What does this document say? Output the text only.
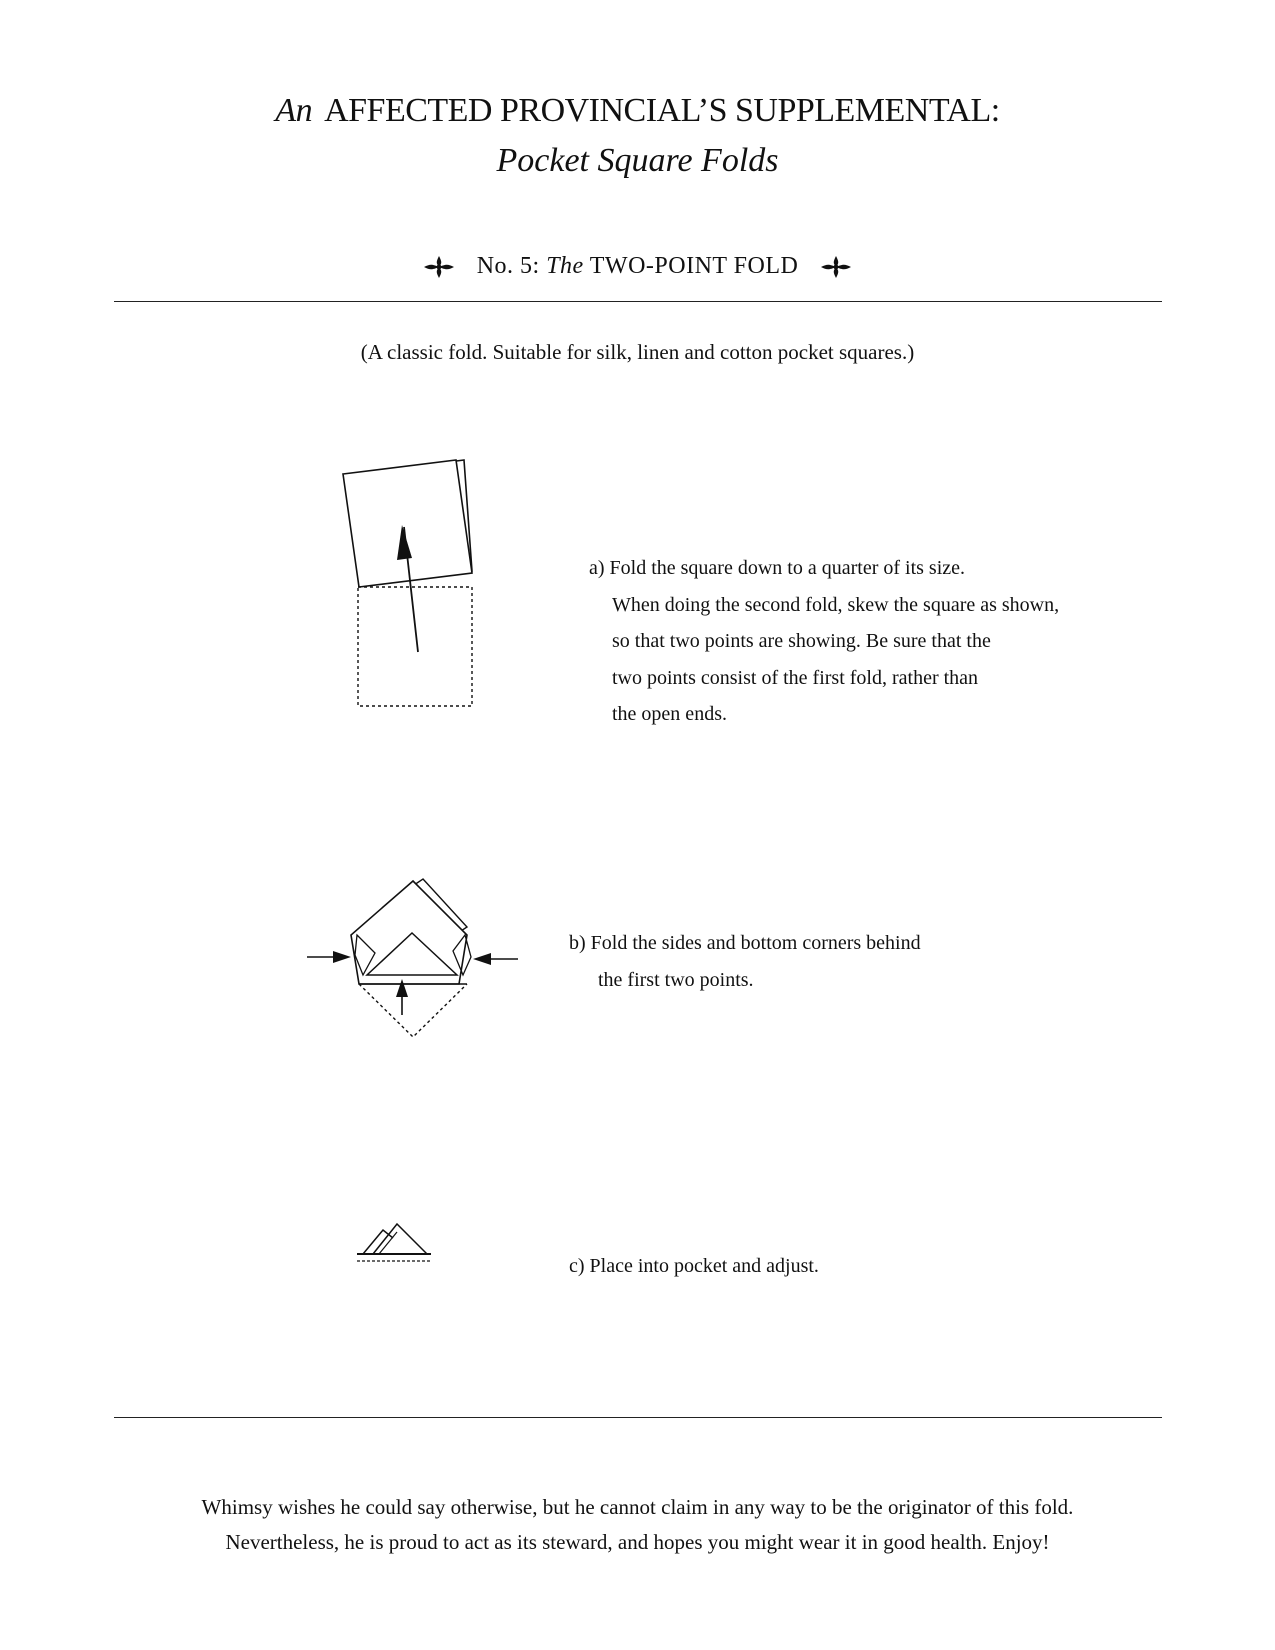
An AFFECTED PROVINCIAL’S SUPPLEMENTAL:
Pocket Square Folds
No. 5: The TWO-POINT FOLD
(A classic fold. Suitable for silk, linen and cotton pocket squares.)
a) Fold the square down to a quarter of its size.
When doing the second fold, skew the square as shown,
so that two points are showing. Be sure that the
two points consist of the first fold, rather than
the open ends.
b) Fold the sides and bottom corners behind
the first two points.
c) Place into pocket and adjust.
Whimsy wishes he could say otherwise, but he cannot claim in any way to be the originator of this fold.
Nevertheless, he is proud to act as its steward, and hopes you might wear it in good health. Enjoy!
